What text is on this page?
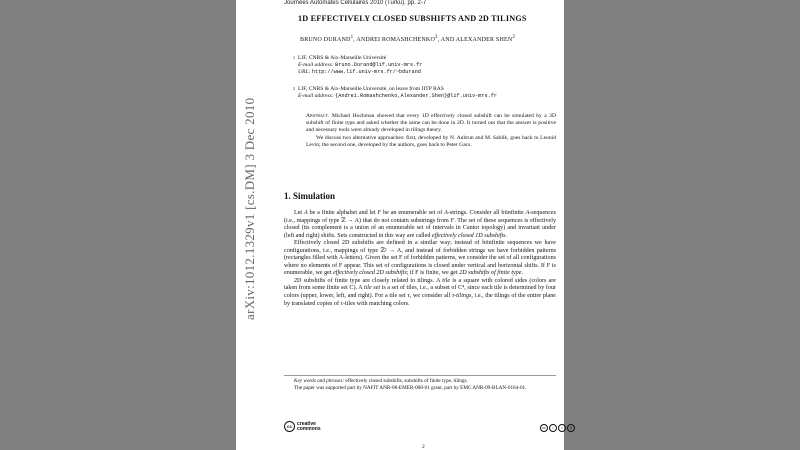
arXiv:1012.1329v1 [cs.DM] 3 Dec 2010
Journées Automates Cellulaires 2010 (Turku), pp. 2-7
1D EFFECTIVELY CLOSED SUBSHIFTS AND 2D TILINGS
BRUNO DURAND$^1$, ANDREI ROMASHCHENKO$^2$, AND ALEXANDER SHEN$^2$
1 LIF, CNRS & Aix-Marseille Université
E-mail address: Bruno.Durand@lif.univ-mrs.fr
URL: http://www.lif.univ-mrs.fr/~bdurand
2 LIF, CNRS & Aix-Marseille Université, on leave from IITP RAS
E-mail address: {Andrei.Romashchenko,Alexander.Shen}@lif.univ-mrs.fr

Abstract. Michael Hochman showed that every 1D effectively closed subshift can be simulated by a 3D subshift of finite type and asked whether the same can be done in 2D. It turned out that the answer is positive and necessary tools were already developed in tilings theory.

We discuss two alternative approaches: first, developed by N. Aubrun and M. Sablik, goes back to Leonid Levin; the second one, developed by the authors, goes back to Peter Gacs.

1. Simulation

Let A be a finite alphabet and let F be an enumerable set of A-strings. Consider all biinfinite A-sequences (i.e., mappings of type ℤ → A) that do not contain substrings from F. The set of these sequences is effectively closed (its complement is a union of an enumerable set of intervals in Cantor topology) and invariant under (left and right) shifts. Sets constructed in this way are called effectively closed 1D subshifts.

Effectively closed 2D subshifts are defined in a similar way; instead of biinfinite sequences we have configurations, i.e., mappings of type ℤ² → A, and instead of forbidden strings we have forbidden patterns (rectangles filled with A-letters). Given the set F of forbidden patterns, we consider the set of all configurations where no elements of F appear. This set of configurations is closed under vertical and horizontal shifts. If F is enumerable, we get effectively closed 2D subshifts; if F is finite, we get 2D subshifts of finite type.

2D subshifts of finite type are closely related to tilings. A tile is a square with colored sides (colors are taken from some finite set C). A tile set is a set of tiles, i.e., a subset of C⁴, since each tile is determined by four colors (upper, lower, left, and right). For a tile set τ, we consider all τ-tilings, i.e., the tilings of the entire plane by translated copies of τ-tiles with matching colors.

Key words and phrases: effectively closed subshifts, subshifts of finite type, tilings.

The paper was supported part by NAFIT ANR-08-EMER-008-01 grant, part by EMC ANR-09-BLAN-0164-01.

cc	creative
commons	cc	i	=	$
2
